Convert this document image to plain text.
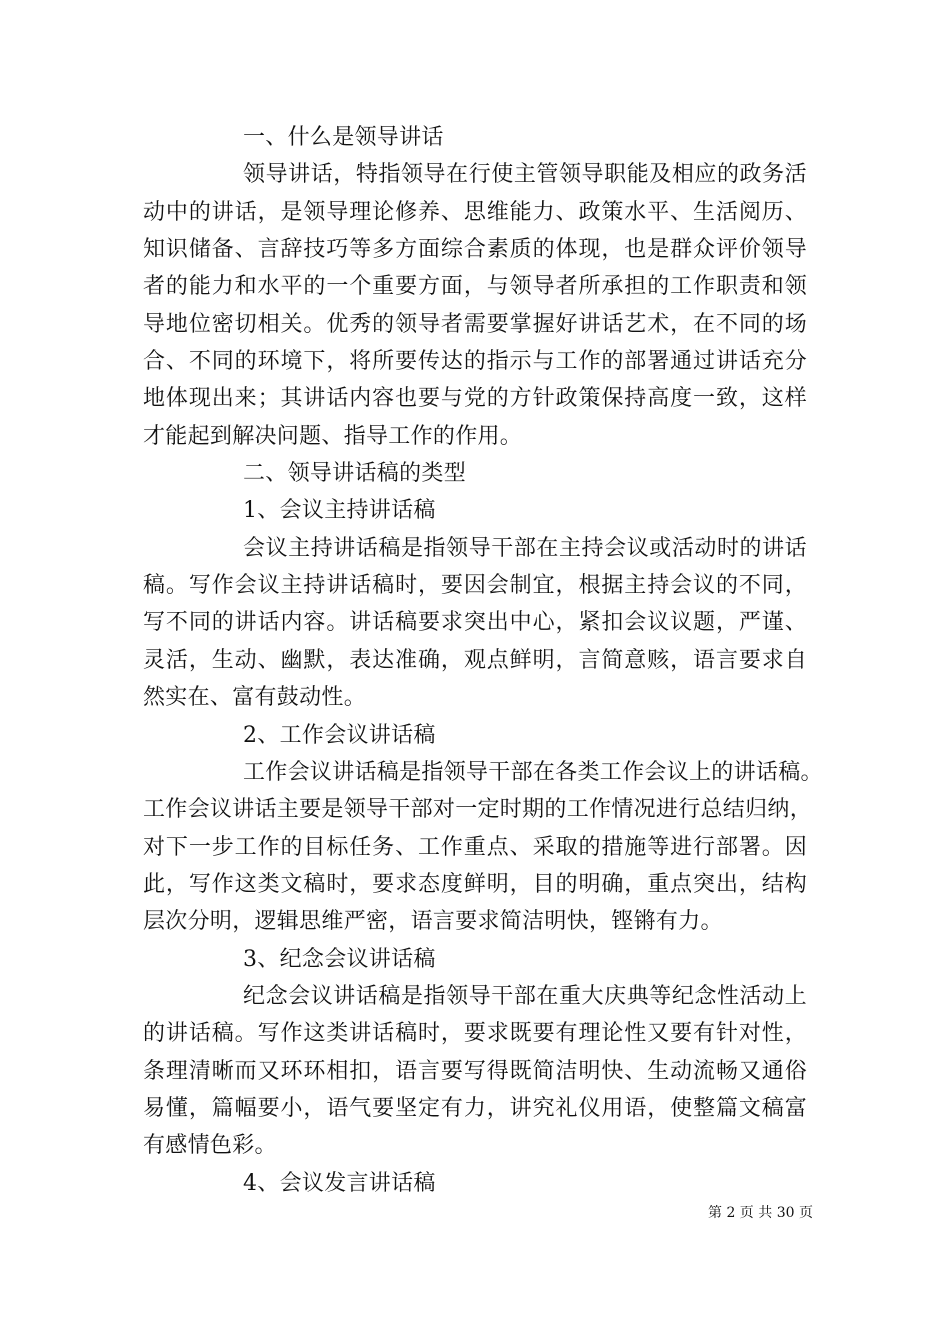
一、什么是领导讲话
领导讲话，特指领导在行使主管领导职能及相应的政务活
动中的讲话，是领导理论修养、思维能力、政策水平、生活阅历、
知识储备、言辞技巧等多方面综合素质的体现，也是群众评价领导
者的能力和水平的一个重要方面，与领导者所承担的工作职责和领
导地位密切相关。优秀的领导者需要掌握好讲话艺术，在不同的场
合、不同的环境下，将所要传达的指示与工作的部署通过讲话充分
地体现出来；其讲话内容也要与党的方针政策保持高度一致，这样
才能起到解决问题、指导工作的作用。
二、领导讲话稿的类型
1、会议主持讲话稿
会议主持讲话稿是指领导干部在主持会议或活动时的讲话
稿。写作会议主持讲话稿时，要因会制宜，根据主持会议的不同，
写不同的讲话内容。讲话稿要求突出中心，紧扣会议议题，严谨、
灵活，生动、幽默，表达准确，观点鲜明，言简意赅，语言要求自
然实在、富有鼓动性。
2、工作会议讲话稿
工作会议讲话稿是指领导干部在各类工作会议上的讲话稿。
工作会议讲话主要是领导干部对一定时期的工作情况进行总结归纳，
对下一步工作的目标任务、工作重点、采取的措施等进行部署。因
此，写作这类文稿时，要求态度鲜明，目的明确，重点突出，结构
层次分明，逻辑思维严密，语言要求简洁明快，铿锵有力。
3、纪念会议讲话稿
纪念会议讲话稿是指领导干部在重大庆典等纪念性活动上
的讲话稿。写作这类讲话稿时，要求既要有理论性又要有针对性，
条理清晰而又环环相扣，语言要写得既简洁明快、生动流畅又通俗
易懂，篇幅要小，语气要坚定有力，讲究礼仪用语，使整篇文稿富
有感情色彩。
4、会议发言讲话稿
第 2 页 共 30 页
